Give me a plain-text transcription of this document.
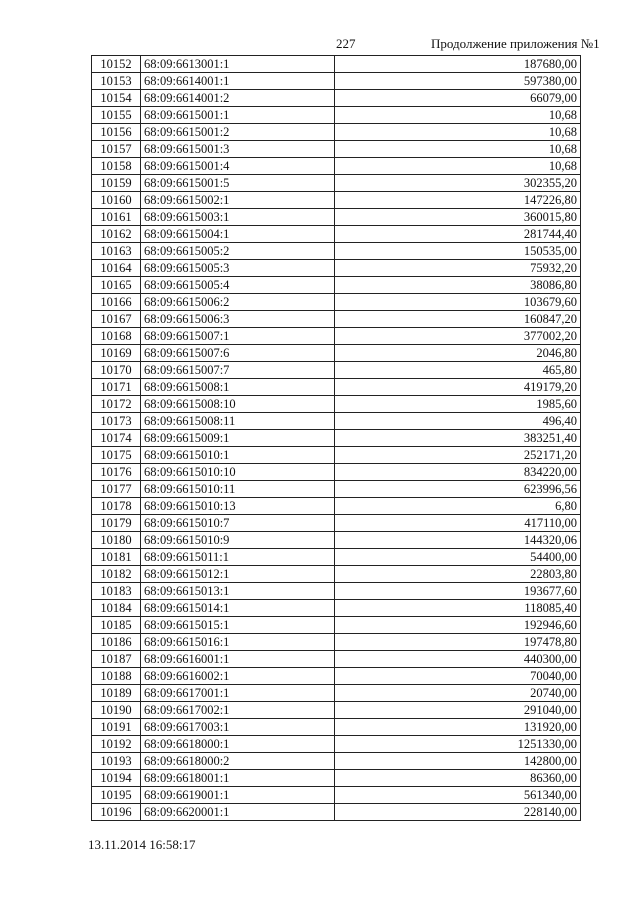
227	Продолжение приложения №1
10152	68:09:6613001:1	187680,00
10153	68:09:6614001:1	597380,00
10154	68:09:6614001:2	66079,00
10155	68:09:6615001:1	10,68
10156	68:09:6615001:2	10,68
10157	68:09:6615001:3	10,68
10158	68:09:6615001:4	10,68
10159	68:09:6615001:5	302355,20
10160	68:09:6615002:1	147226,80
10161	68:09:6615003:1	360015,80
10162	68:09:6615004:1	281744,40
10163	68:09:6615005:2	150535,00
10164	68:09:6615005:3	75932,20
10165	68:09:6615005:4	38086,80
10166	68:09:6615006:2	103679,60
10167	68:09:6615006:3	160847,20
10168	68:09:6615007:1	377002,20
10169	68:09:6615007:6	2046,80
10170	68:09:6615007:7	465,80
10171	68:09:6615008:1	419179,20
10172	68:09:6615008:10	1985,60
10173	68:09:6615008:11	496,40
10174	68:09:6615009:1	383251,40
10175	68:09:6615010:1	252171,20
10176	68:09:6615010:10	834220,00
10177	68:09:6615010:11	623996,56
10178	68:09:6615010:13	6,80
10179	68:09:6615010:7	417110,00
10180	68:09:6615010:9	144320,06
10181	68:09:6615011:1	54400,00
10182	68:09:6615012:1	22803,80
10183	68:09:6615013:1	193677,60
10184	68:09:6615014:1	118085,40
10185	68:09:6615015:1	192946,60
10186	68:09:6615016:1	197478,80
10187	68:09:6616001:1	440300,00
10188	68:09:6616002:1	70040,00
10189	68:09:6617001:1	20740,00
10190	68:09:6617002:1	291040,00
10191	68:09:6617003:1	131920,00
10192	68:09:6618000:1	1251330,00
10193	68:09:6618000:2	142800,00
10194	68:09:6618001:1	86360,00
10195	68:09:6619001:1	561340,00
10196	68:09:6620001:1	228140,00
13.11.2014 16:58:17
